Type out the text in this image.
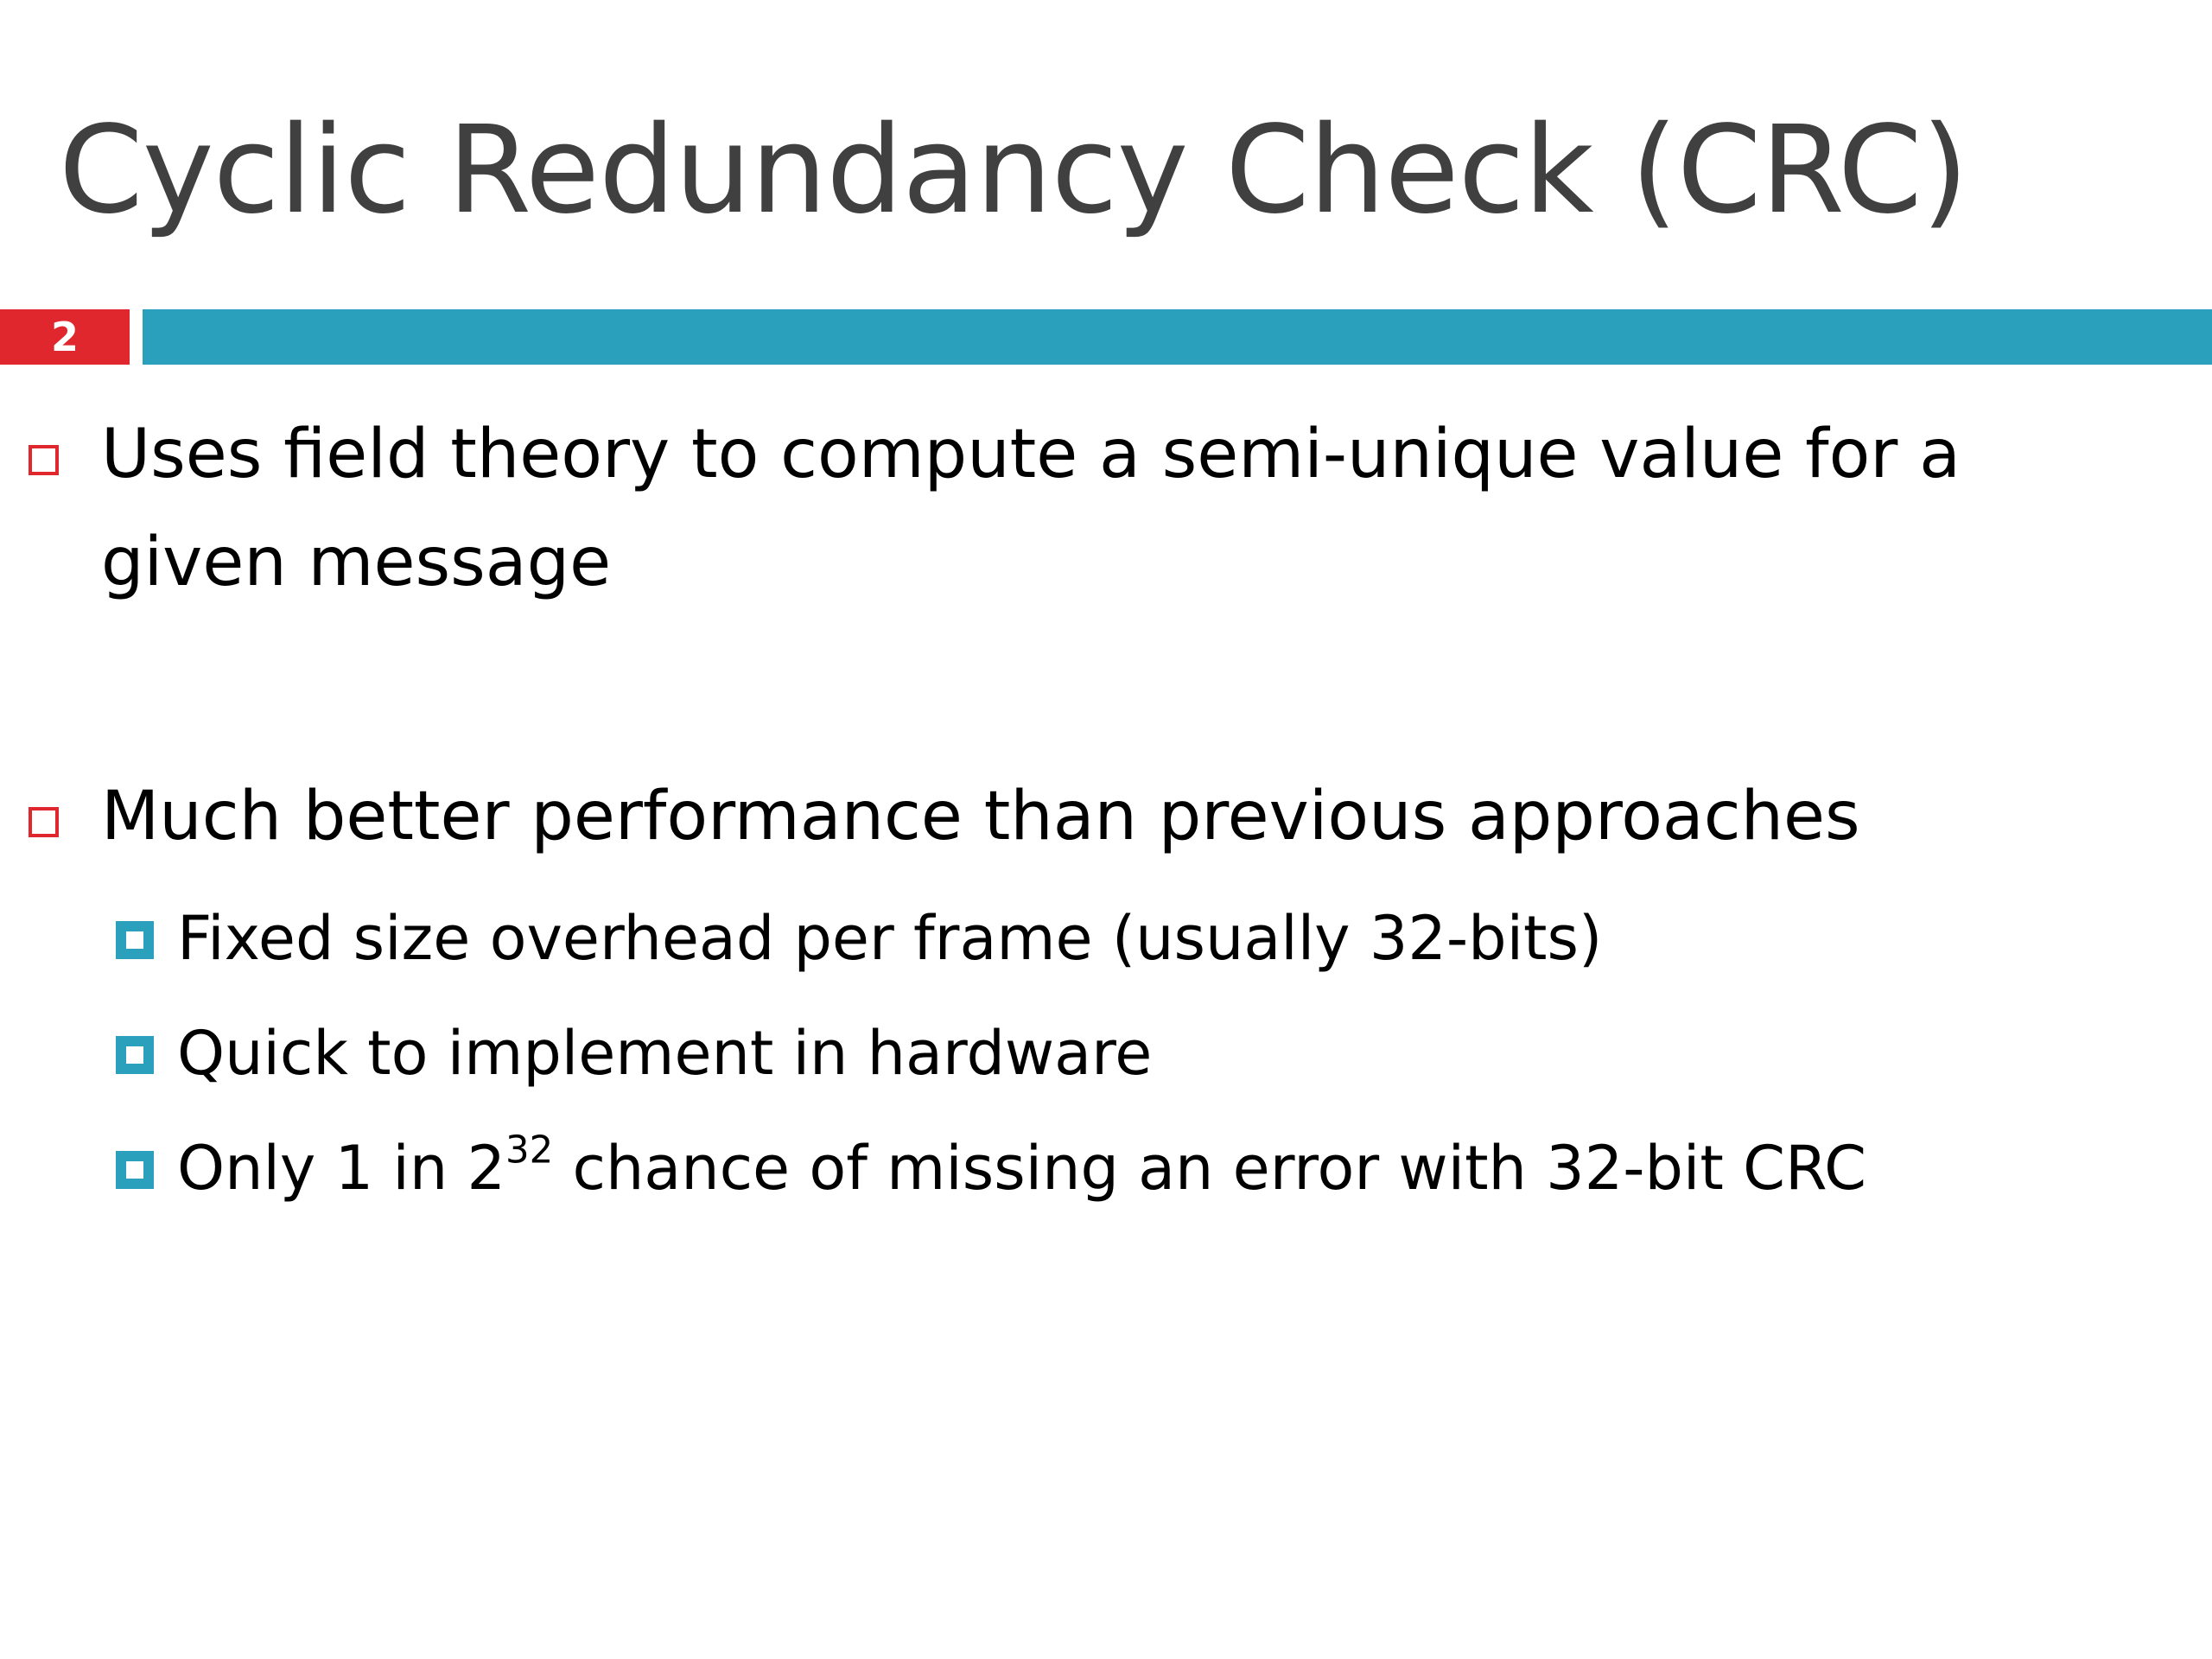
Cyclic Redundancy Check (CRC)
2
Uses field theory to compute a semi-unique value for a
given message
Much better performance than previous approaches
Fixed size overhead per frame (usually 32-bits)
Quick to implement in hardware
Only 1 in $2^{32}$ chance of missing an error with 32-bit CRC
